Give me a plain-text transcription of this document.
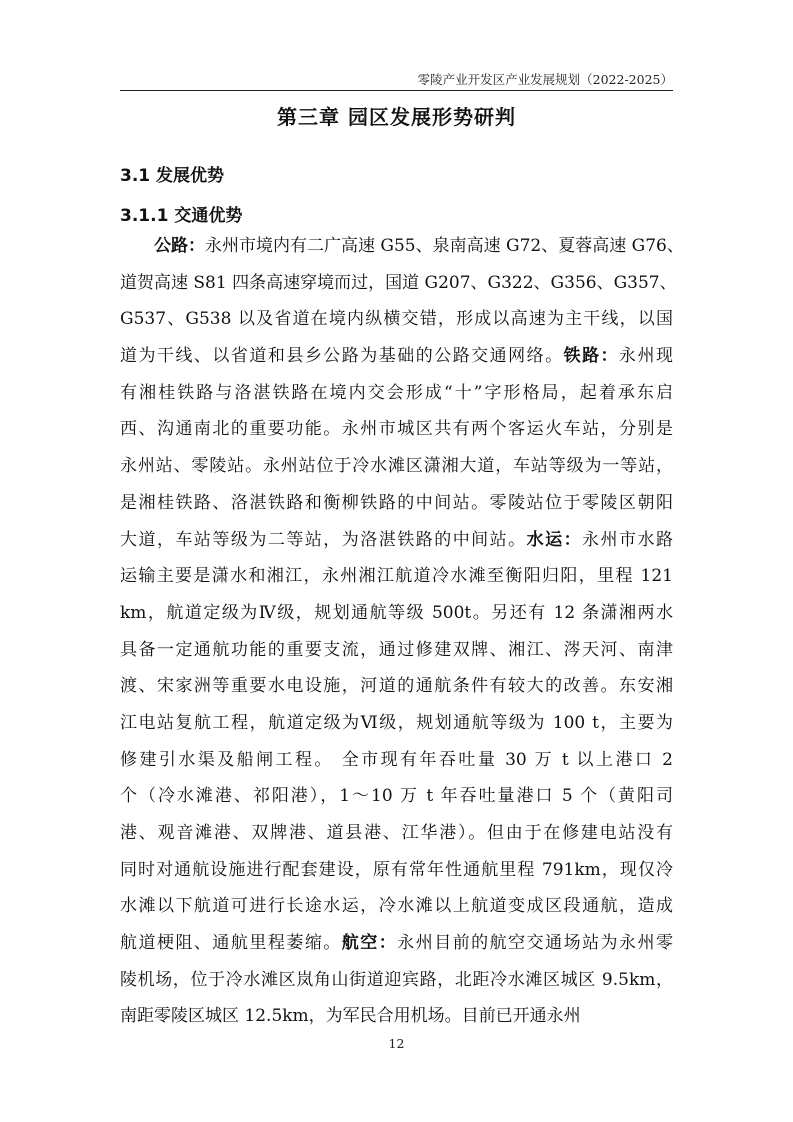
零陵产业开发区产业发展规划（2022-2025）
第三章 园区发展形势研判
3.1 发展优势
3.1.1 交通优势
　　公路：永州市境内有二广高速 G55、泉南高速 G72、夏蓉高速 G76、
道贺高速 S81 四条高速穿境而过，国道 G207、G322、G356、G357、
G537、G538 以及省道在境内纵横交错，形成以高速为主干线，以国
道为干线、以省道和县乡公路为基础的公路交通网络。铁路：永州现
有湘桂铁路与洛湛铁路在境内交会形成“十”字形格局，起着承东启
西、沟通南北的重要功能。永州市城区共有两个客运火车站，分别是
永州站、零陵站。永州站位于冷水滩区潇湘大道，车站等级为一等站，
是湘桂铁路、洛湛铁路和衡柳铁路的中间站。零陵站位于零陵区朝阳
大道，车站等级为二等站，为洛湛铁路的中间站。水运：永州市水路
运输主要是潇水和湘江，永州湘江航道冷水滩至衡阳归阳，里程 121
km，航道定级为Ⅳ级，规划通航等级 500t。另还有 12 条潇湘两水
具备一定通航功能的重要支流，通过修建双牌、湘江、涔天河、南津
渡、宋家洲等重要水电设施，河道的通航条件有较大的改善。东安湘
江电站复航工程，航道定级为Ⅵ级，规划通航等级为 100 t，主要为
修建引水渠及船闸工程。 全市现有年吞吐量 30 万 t 以上港口 2
个（冷水滩港、祁阳港），1～10 万 t 年吞吐量港口 5 个（黄阳司
港、观音滩港、双牌港、道县港、江华港）。但由于在修建电站没有
同时对通航设施进行配套建设，原有常年性通航里程 791km，现仅冷
水滩以下航道可进行长途水运，冷水滩以上航道变成区段通航，造成
航道梗阻、通航里程萎缩。航空：永州目前的航空交通场站为永州零
陵机场，位于冷水滩区岚角山街道迎宾路，北距冷水滩区城区 9.5km，
南距零陵区城区 12.5km，为军民合用机场。目前已开通永州
12
